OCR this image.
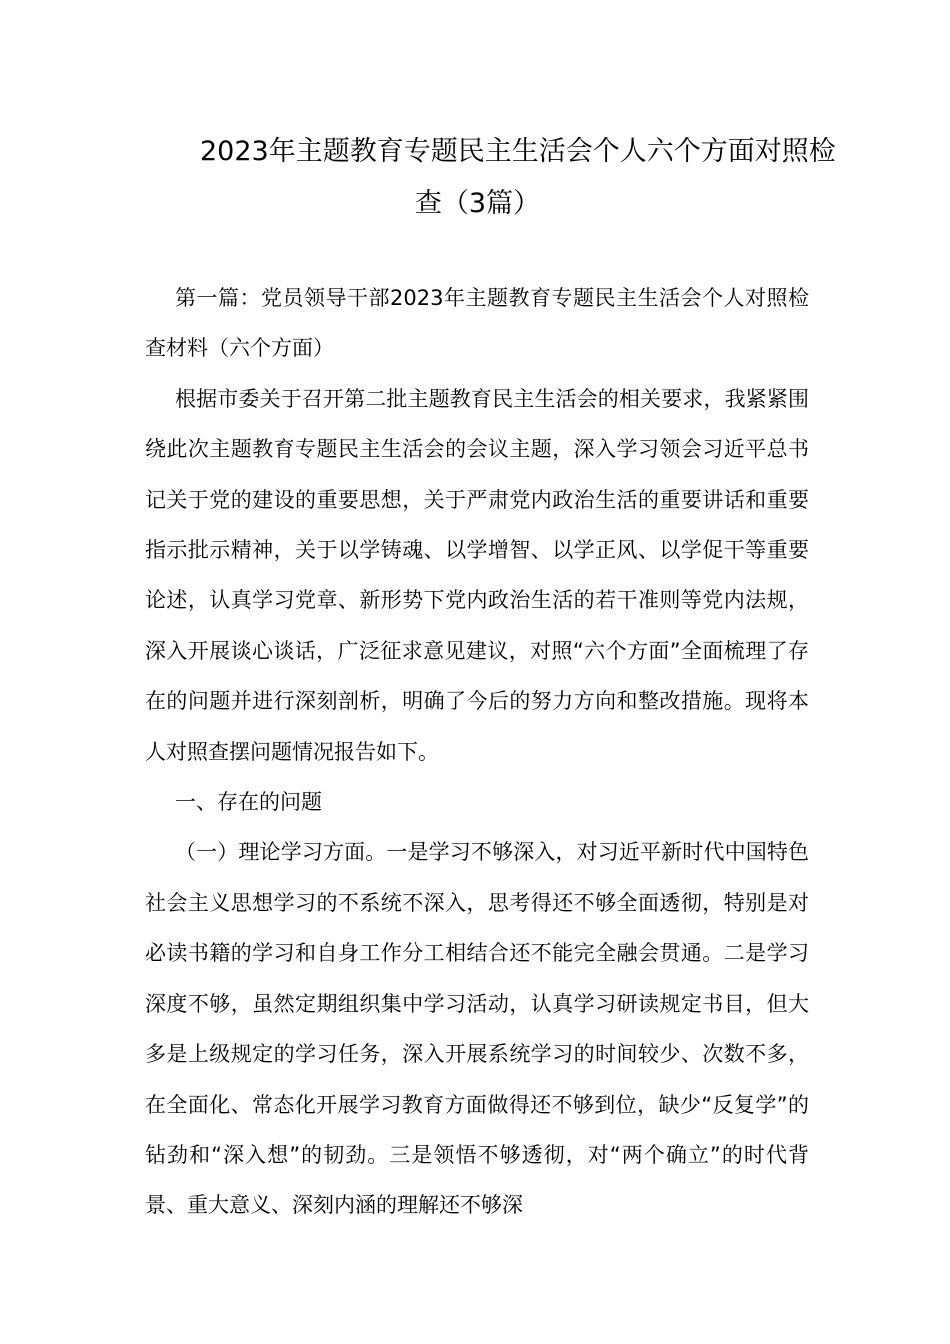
2023年主题教育专题民主生活会个人六个方面对照检
查（3篇）

第一篇：党员领导干部2023年主题教育专题民主生活会个人对照检查材料（六个方面）

根据市委关于召开第二批主题教育民主生活会的相关要求，我紧紧围绕此次主题教育专题民主生活会的会议主题，深入学习领会习近平总书记关于党的建设的重要思想，关于严肃党内政治生活的重要讲话和重要指示批示精神，关于以学铸魂、以学增智、以学正风、以学促干等重要论述，认真学习党章、新形势下党内政治生活的若干准则等党内法规，深入开展谈心谈话，广泛征求意见建议，对照“六个方面”全面梳理了存在的问题并进行深刻剖析，明确了今后的努力方向和整改措施。现将本人对照查摆问题情况报告如下。

一、存在的问题

（一）理论学习方面。一是学习不够深入，对习近平新时代中国特色社会主义思想学习的不系统不深入，思考得还不够全面透彻，特别是对必读书籍的学习和自身工作分工相结合还不能完全融会贯通。二是学习深度不够，虽然定期组织集中学习活动，认真学习研读规定书目，但大多是上级规定的学习任务，深入开展系统学习的时间较少、次数不多，在全面化、常态化开展学习教育方面做得还不够到位，缺少“反复学”的钻劲和“深入想”的韧劲。三是领悟不够透彻，对“两个确立”的时代背景、重大意义、深刻内涵的理解还不够深
